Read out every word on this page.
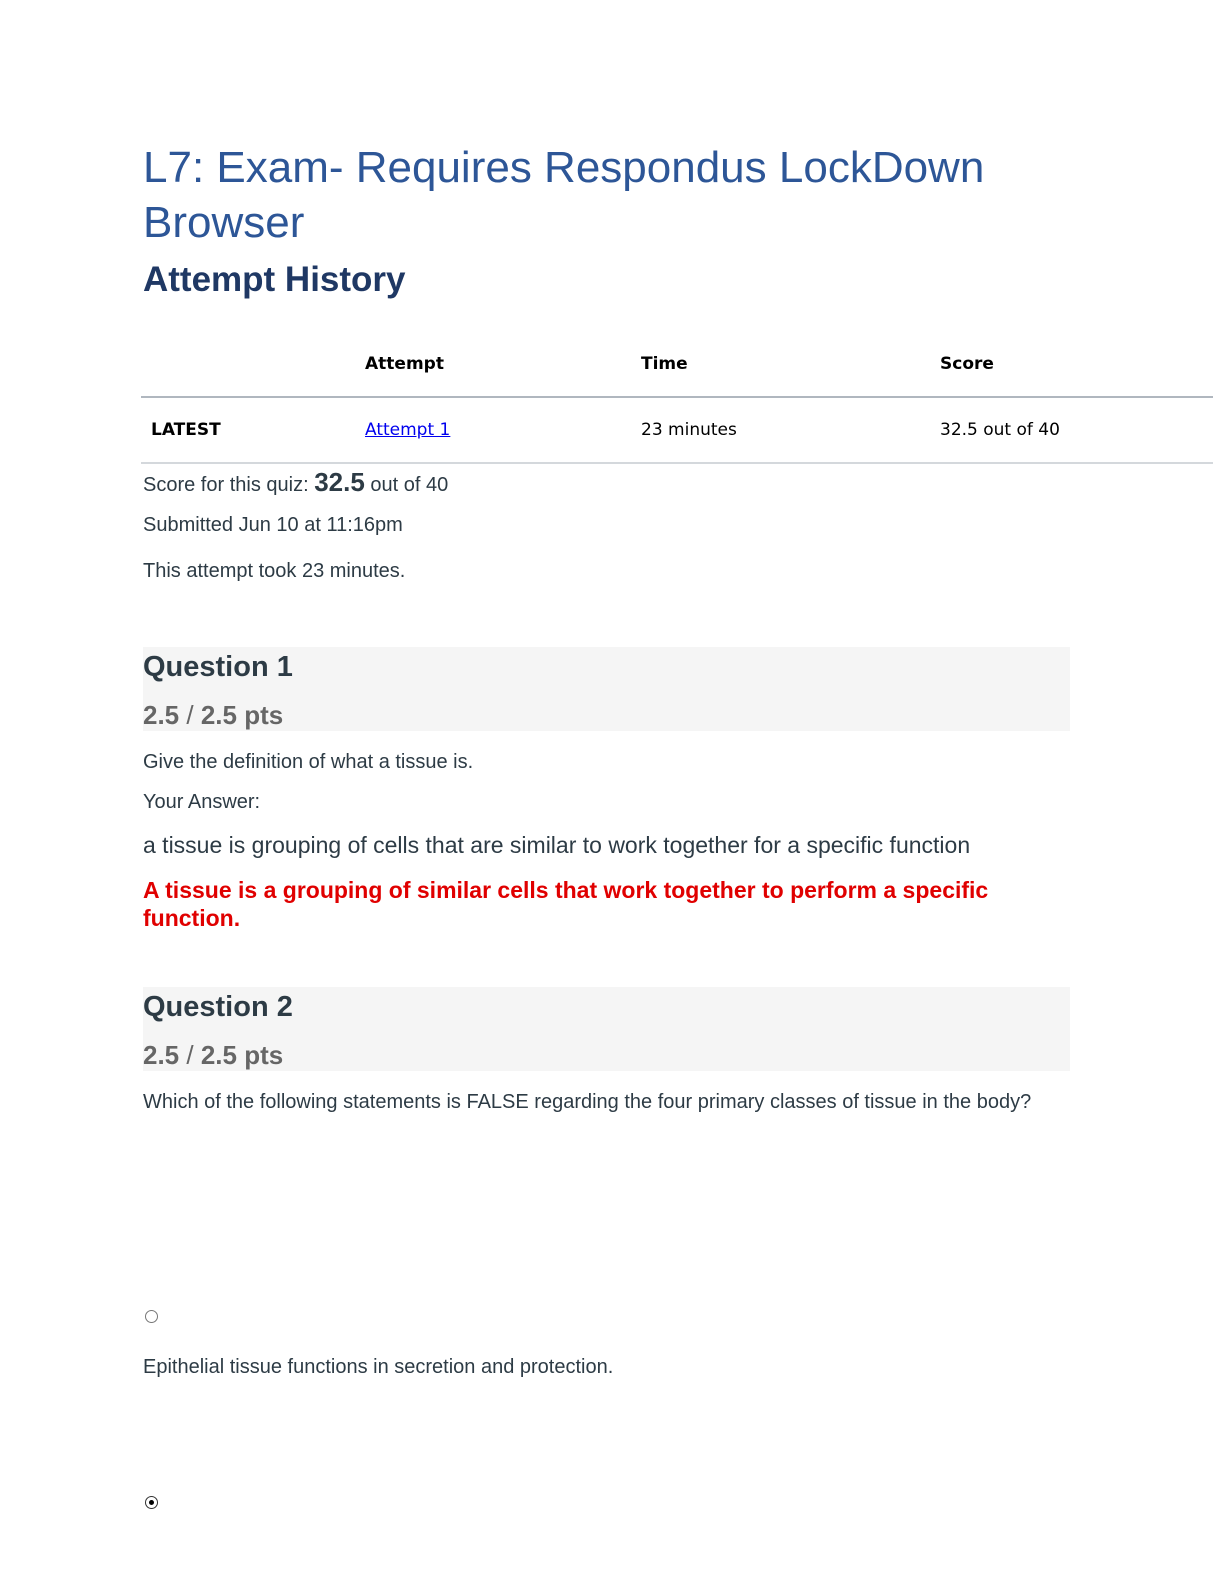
L7: Exam- Requires Respondus LockDown Browser
Attempt History
	Attempt	Time	Score
LATEST	Attempt 1	23 minutes	32.5 out of 40

Score for this quiz: 32.5 out of 40

Submitted Jun 10 at 11:16pm

This attempt took 23 minutes.

Question 1
2.5 / 2.5 pts

Give the definition of what a tissue is.

Your Answer:

a tissue is grouping of cells that are similar to work together for a specific function

A tissue is a grouping of similar cells that work together to perform a specific function.

Question 2
2.5 / 2.5 pts

Which of the following statements is FALSE regarding the four primary classes of tissue in the body?

Epithelial tissue functions in secretion and protection.
